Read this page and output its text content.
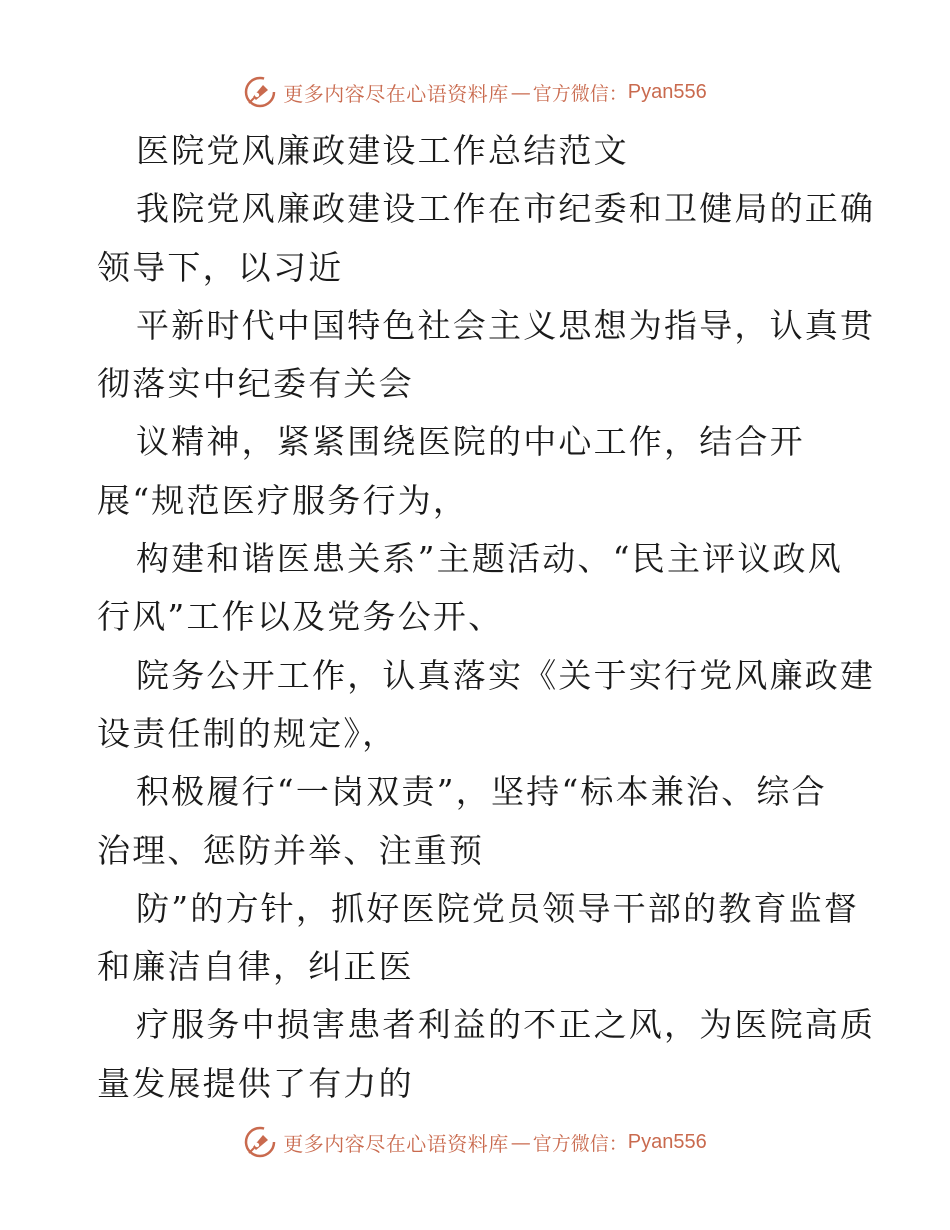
更多内容尽在心语资料库 — 官方微信： Pyan556
医院党风廉政建设工作总结范文
我院党风廉政建设工作在市纪委和卫健局的正确
领导下，以习近
平新时代中国特色社会主义思想为指导，认真贯
彻落实中纪委有关会
议精神，紧紧围绕医院的中心工作，结合开
展“规范医疗服务行为，
构建和谐医患关系”主题活动、“民主评议政风
行风”工作以及党务公开、
院务公开工作，认真落实《关于实行党风廉政建
设责任制的规定》，
积极履行“一岗双责”，坚持“标本兼治、综合
治理、惩防并举、注重预
防”的方针，抓好医院党员领导干部的教育监督
和廉洁自律，纠正医
疗服务中损害患者利益的不正之风，为医院高质
量发展提供了有力的
更多内容尽在心语资料库 — 官方微信： Pyan556
